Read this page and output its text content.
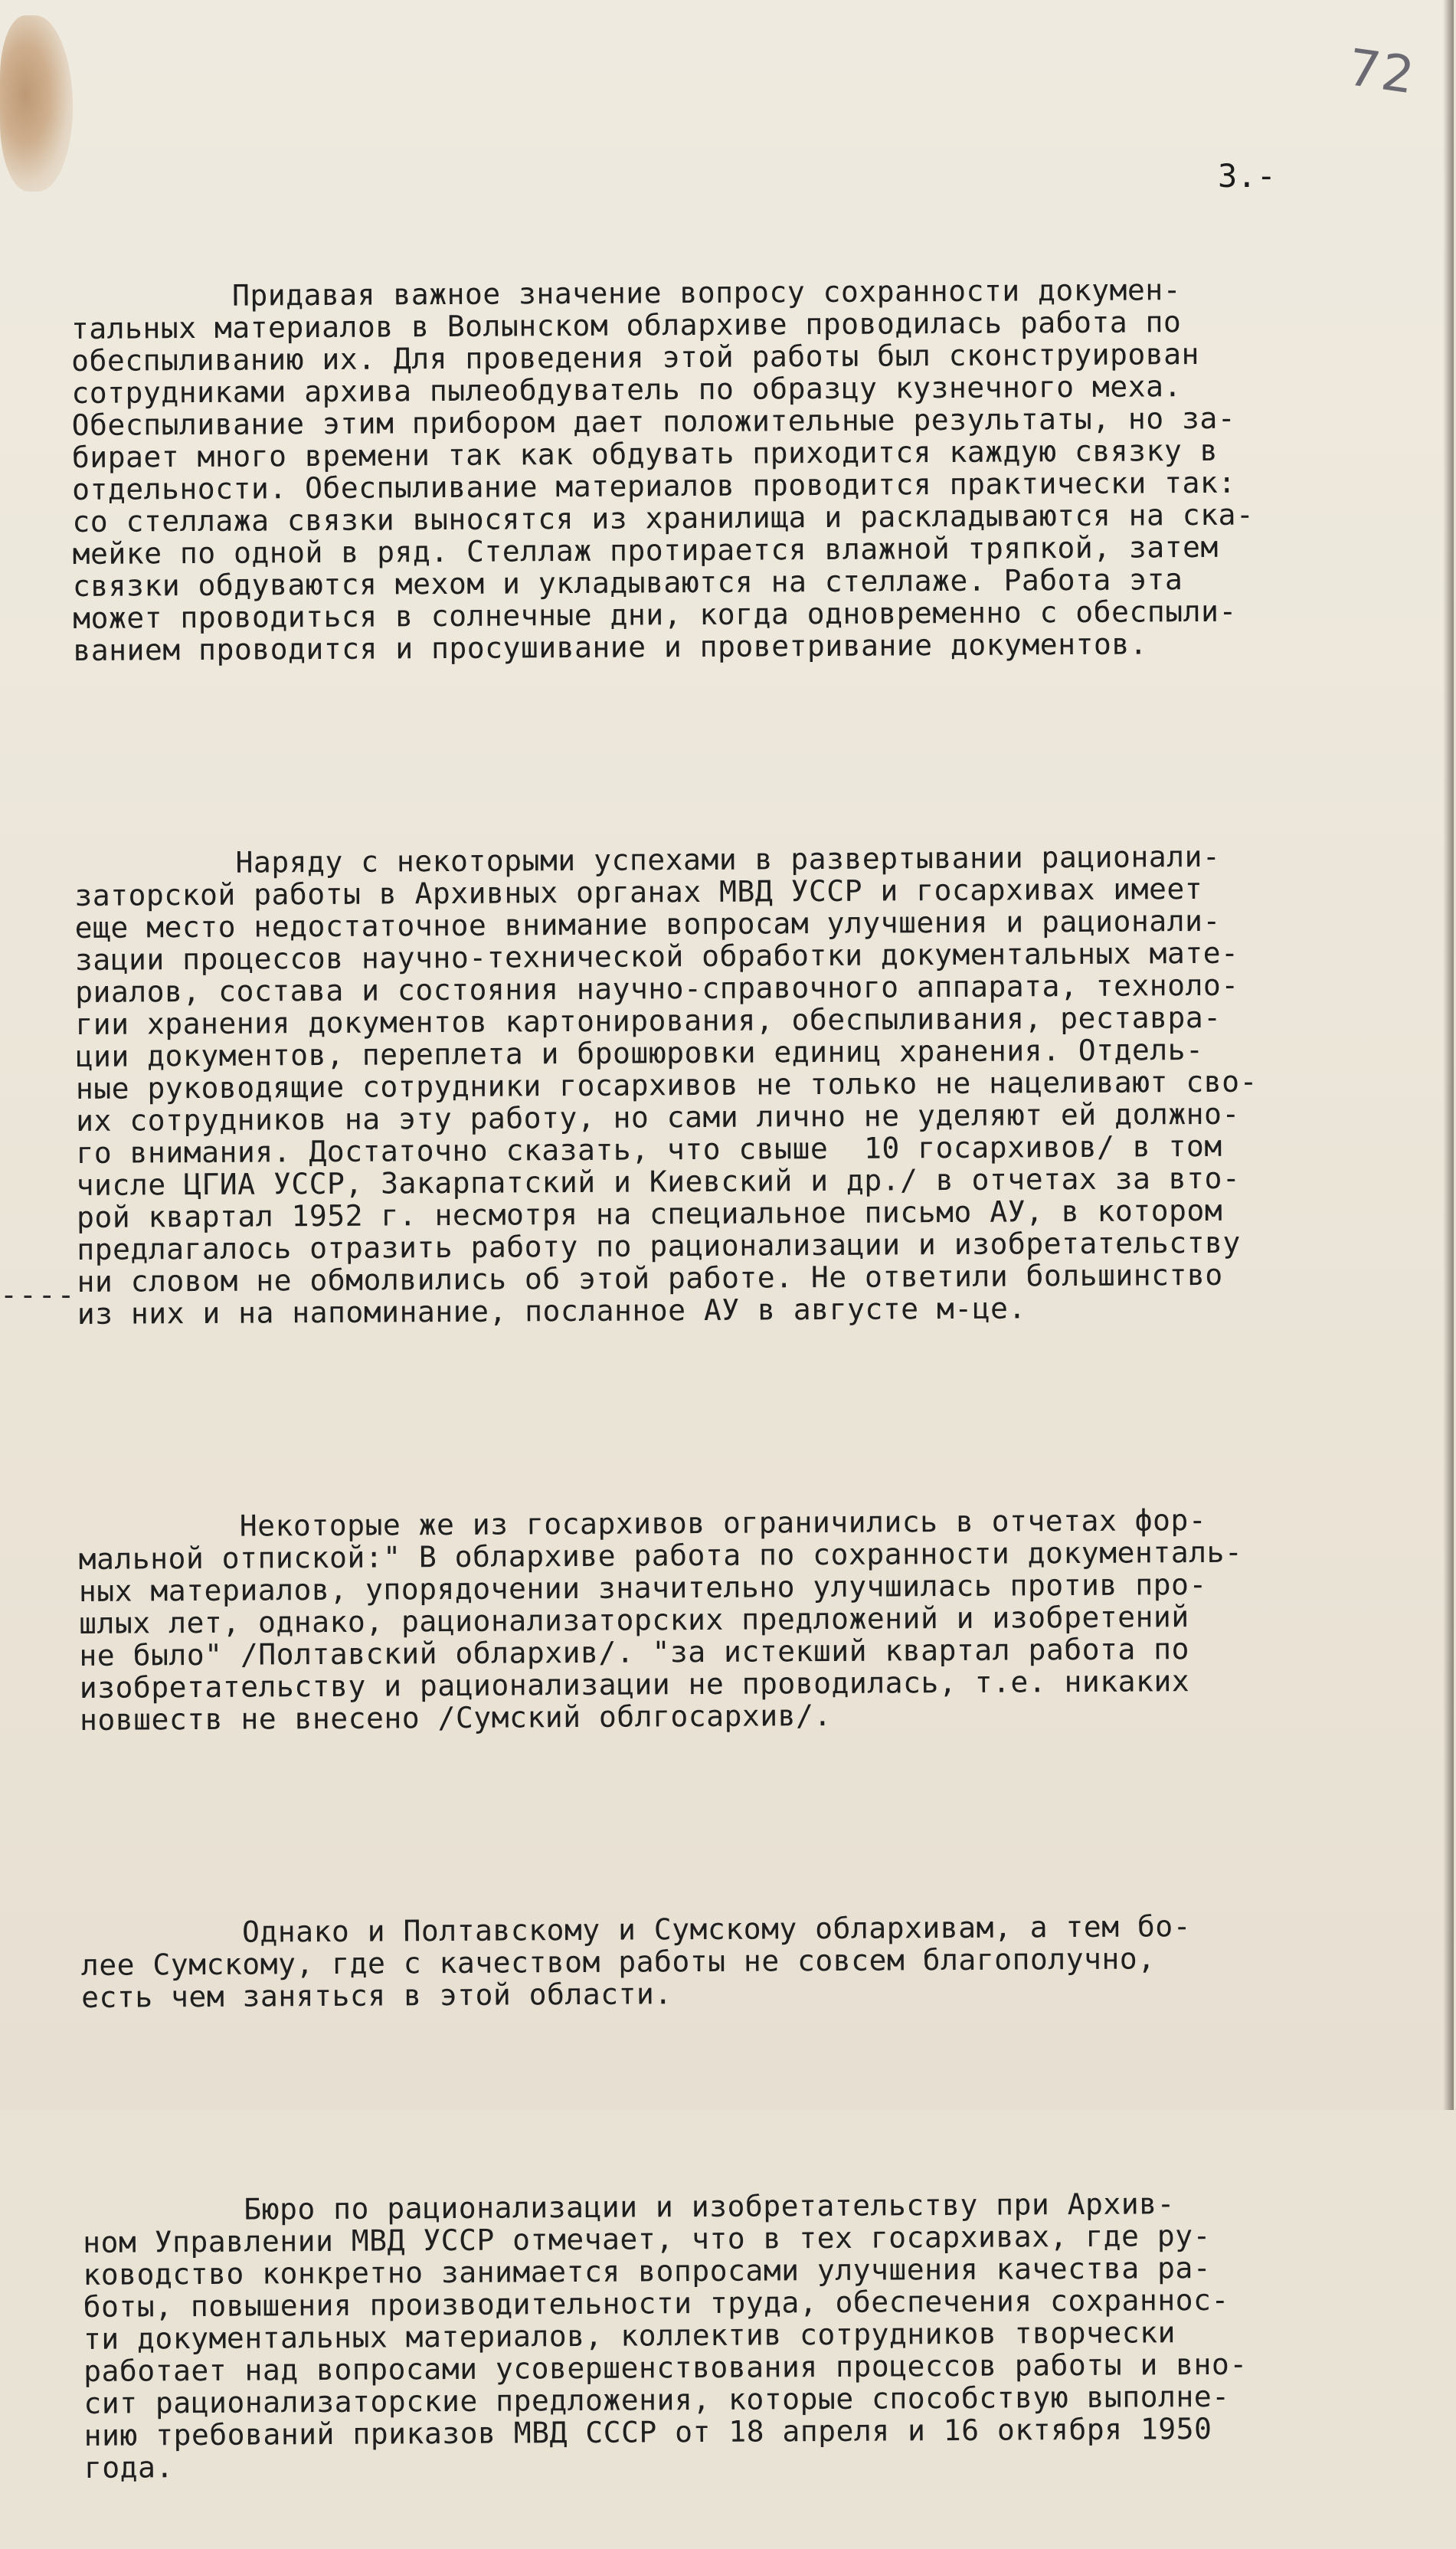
72
3.-
----

Придавая важное значение вопросу сохранности докумен-
тальных материалов в Волынском облархиве проводилась работа по
обеспыливанию их. Для проведения этой работы был сконструирован
сотрудниками архива пылеобдуватель по образцу кузнечного меха.
Обеспыливание этим прибором дает положительные результаты, но за-
бирает много времени так как обдувать приходится каждую связку в
отдельности. Обеспыливание материалов проводится практически так:
со стеллажа связки выносятся из хранилища и раскладываются на ска-
мейке по одной в ряд. Стеллаж протирается влажной тряпкой, затем
связки обдуваются мехом и укладываются на стеллаже. Работа эта
может проводиться в солнечные дни, когда одновременно с обеспыли-
ванием проводится и просушивание и проветривание документов.

Наряду с некоторыми успехами в развертывании рационали-
заторской работы в Архивных органах МВД УССР и госархивах имеет
еще место недостаточное внимание вопросам улучшения и рационали-
зации процессов научно-технической обработки документальных мате-
риалов, состава и состояния научно-справочного аппарата, техноло-
гии хранения документов картонирования, обеспыливания, реставра-
ции документов, переплета и брошюровки единиц хранения. Отдель-
ные руководящие сотрудники госархивов не только не нацеливают сво-
их сотрудников на эту работу, но сами лично не уделяют ей должно-
го внимания. Достаточно сказать, что свыше  10 госархивов/ в том
числе ЦГИА УССР, Закарпатский и Киевский и др./ в отчетах за вто-
рой квартал 1952 г. несмотря на специальное письмо АУ, в котором
предлагалось отразить работу по рационализации и изобретательству
ни словом не обмолвились об этой работе. Не ответили большинство
из них и на напоминание, посланное АУ в августе м-це.

Некоторые же из госархивов ограничились в отчетах фор-
мальной отпиской:" В облархиве работа по сохранности документаль-
ных материалов, упорядочении значительно улучшилась против про-
шлых лет, однако, рационализаторских предложений и изобретений
не было" /Полтавский облархив/. "за истекший квартал работа по
изобретательству и рационализации не проводилась, т.е. никаких
новшеств не внесено /Сумский облгосархив/.

Однако и Полтавскому и Сумскому облархивам, а тем бо-
лее Сумскому, где с качеством работы не совсем благополучно,
есть чем заняться в этой области.

Бюро по рационализации и изобретательству при Архив-
ном Управлении МВД УССР отмечает, что в тех госархивах, где ру-
ководство конкретно занимается вопросами улучшения качества ра-
боты, повышения производительности труда, обеспечения сохраннос-
ти документальных материалов, коллектив сотрудников творчески
работает над вопросами усовершенствования процессов работы и вно-
сит рационализаторские предложения, которые способствую выполне-
нию требований приказов МВД СССР от 18 апреля и 16 октября 1950
года.
